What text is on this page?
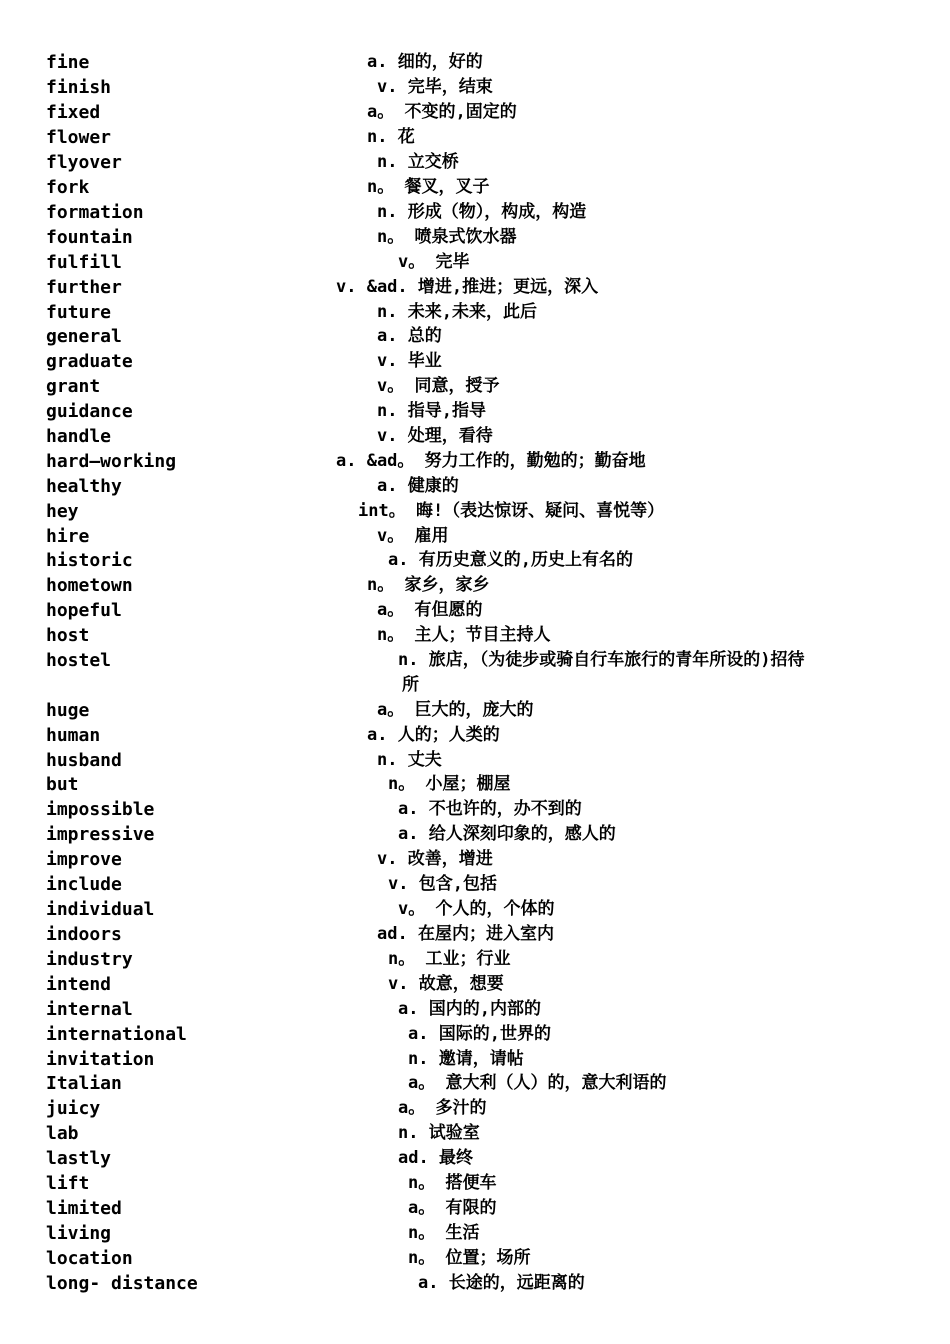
fine	a. 细的，好的
finish	v. 完毕，结束
fixed	a。 不变的,固定的
flower	n. 花
flyover	n. 立交桥
fork	n。 餐叉，叉子
formation	n. 形成（物），构成，构造
fountain	n。 喷泉式饮水器
fulfill	v。 完毕
further	v. &ad. 增进,推进；更远，深入
future	n. 未来,未来，此后
general	a. 总的
graduate	v. 毕业
grant	v。 同意，授予
guidance	n. 指导,指导
handle	v. 处理，看待
hard—working	a. &ad。 努力工作的，勤勉的；勤奋地
healthy	a. 健康的
hey	int。 晦!（表达惊讶、疑问、喜悦等）
hire	v。 雇用
historic	a. 有历史意义的,历史上有名的
hometown	n。 家乡，家乡
hopeful	a。 有但愿的
host	n。 主人；节目主持人
hostel	n. 旅店，（为徒步或骑自行车旅行的青年所设的)招待
所
huge	a。 巨大的，庞大的
human	a. 人的；人类的
husband	n. 丈夫
but	n。 小屋；棚屋
impossible	a. 不也许的，办不到的
impressive	a. 给人深刻印象的，感人的
improve	v. 改善，增进
include	v. 包含,包括
individual	v。 个人的，个体的
indoors	ad. 在屋内；进入室内
industry	n。 工业；行业
intend	v. 故意，想要
internal	a. 国内的,内部的
international	a. 国际的,世界的
invitation	n. 邀请，请帖
Italian	a。 意大利（人）的，意大利语的
juicy	a。 多汁的
lab	n. 试验室
lastly	ad. 最终
lift	n。 搭便车
limited	a。 有限的
living	n。 生活
location	n。 位置；场所
long- distance	a. 长途的，远距离的
